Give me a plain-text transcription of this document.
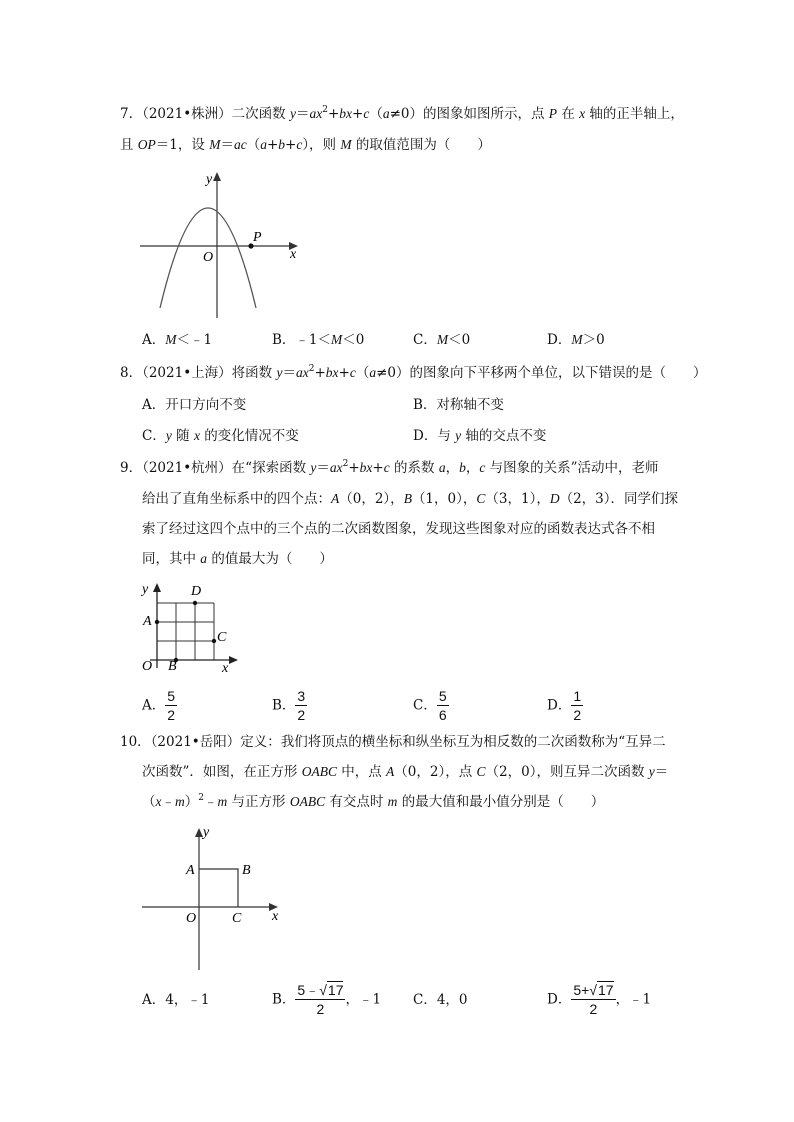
7．（2021•株洲）二次函数 $y=ax^2+bx+c(a\ne 0)$的图象如图所示，点 P 在 x 轴的正半轴上，
且 OP＝1，设 M＝ac（a+b+c），则 M 的取值范围为（　　）
y
x
O
P
A．M＜﹣1	B．﹣1＜M＜0	C．M＜0	D．M＞0
8．（2021•上海）将函数 $y=ax^2+bx+c(a\ne 0)$的图象向下平移两个单位，以下错误的是（　　）
A．开口方向不变	B．对称轴不变
C．y 随 x 的变化情况不变	D．与 y 轴的交点不变
9．（2021•杭州）在“探索函数 $y=ax^2+bx+c$ 的系数 a，b，c 与图象的关系”活动中，老师
给出了直角坐标系中的四个点：A（0，2），B（1，0），C（3，1），D（2，3）．同学们探
索了经过这四个点中的三个点的二次函数图象，发现这些图象对应的函数表达式各不相
同，其中 a 的值最大为（　　）
y	D
A
C
O B	x
A． $\frac{5}{2}$	B． $\frac{3}{2}$	C． $\frac{5}{6}$	D． $\frac{1}{2}$
10．（2021•岳阳）定义：我们将顶点的横坐标和纵坐标互为相反数的二次函数称为“互异二
次函数”．如图，在正方形 OABC 中，点 A（0，2），点 C（2，0），则互异二次函数 y＝
（x﹣m）$^2$﹣m 与正方形 OABC 有交点时 m 的最大值和最小值分别是（　　）
y
A	B
O	C x
A．4，﹣1	B． $\frac{5﹣√17}{2}$ ，﹣1 C．4，0	D． $\frac{5+√17}{2}$ ，﹣1
